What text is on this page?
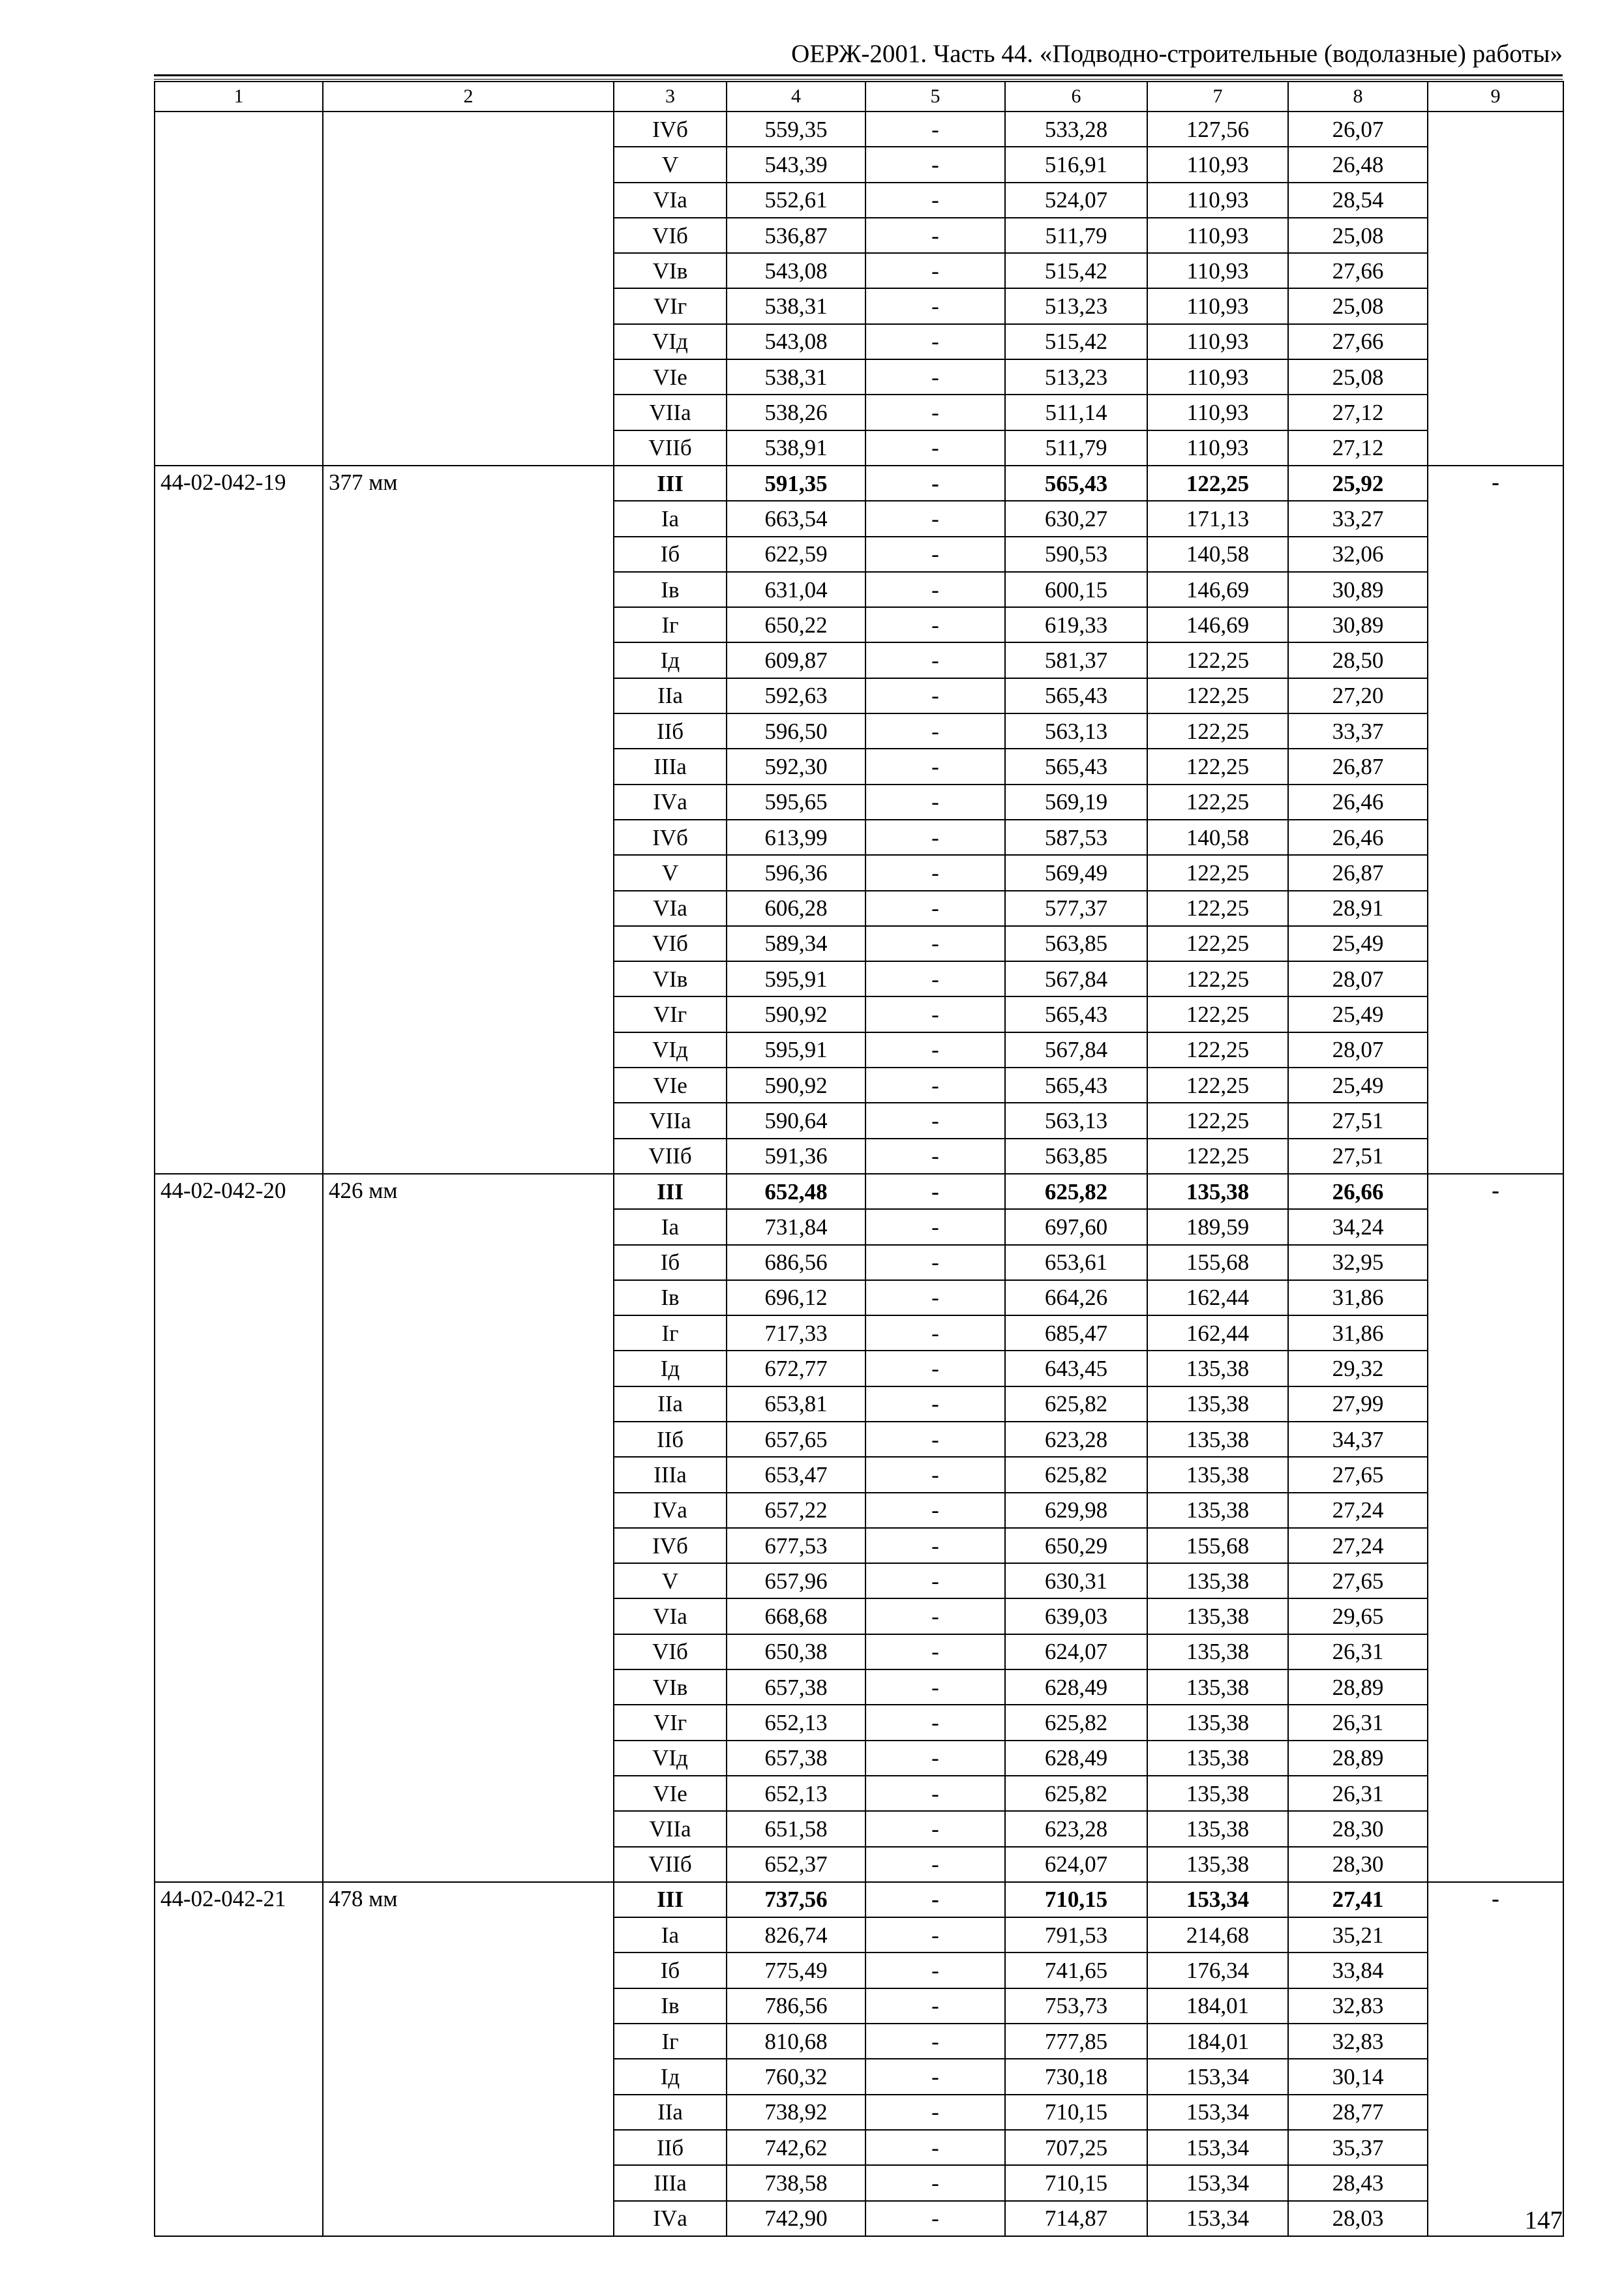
ОЕРЖ-2001. Часть 44. «Подводно-строительные (водолазные) работы»
1	2	3	4	5	6	7	8	9
		IVб	559,35	-	533,28	127,56	26,07	
		V	543,39	-	516,91	110,93	26,48	
		VIа	552,61	-	524,07	110,93	28,54	
		VIб	536,87	-	511,79	110,93	25,08	
		VIв	543,08	-	515,42	110,93	27,66	
		VIг	538,31	-	513,23	110,93	25,08	
		VIд	543,08	-	515,42	110,93	27,66	
		VIе	538,31	-	513,23	110,93	25,08	
		VIIа	538,26	-	511,14	110,93	27,12	
		VIIб	538,91	-	511,79	110,93	27,12	
44-02-042-19	377 мм	III	591,35	-	565,43	122,25	25,92	-
		Iа	663,54	-	630,27	171,13	33,27	
		Iб	622,59	-	590,53	140,58	32,06	
		Iв	631,04	-	600,15	146,69	30,89	
		Iг	650,22	-	619,33	146,69	30,89	
		Iд	609,87	-	581,37	122,25	28,50	
		IIа	592,63	-	565,43	122,25	27,20	
		IIб	596,50	-	563,13	122,25	33,37	
		IIIа	592,30	-	565,43	122,25	26,87	
		IVа	595,65	-	569,19	122,25	26,46	
		IVб	613,99	-	587,53	140,58	26,46	
		V	596,36	-	569,49	122,25	26,87	
		VIа	606,28	-	577,37	122,25	28,91	
		VIб	589,34	-	563,85	122,25	25,49	
		VIв	595,91	-	567,84	122,25	28,07	
		VIг	590,92	-	565,43	122,25	25,49	
		VIд	595,91	-	567,84	122,25	28,07	
		VIе	590,92	-	565,43	122,25	25,49	
		VIIа	590,64	-	563,13	122,25	27,51	
		VIIб	591,36	-	563,85	122,25	27,51	
44-02-042-20	426 мм	III	652,48	-	625,82	135,38	26,66	-
		Iа	731,84	-	697,60	189,59	34,24	
		Iб	686,56	-	653,61	155,68	32,95	
		Iв	696,12	-	664,26	162,44	31,86	
		Iг	717,33	-	685,47	162,44	31,86	
		Iд	672,77	-	643,45	135,38	29,32	
		IIа	653,81	-	625,82	135,38	27,99	
		IIб	657,65	-	623,28	135,38	34,37	
		IIIа	653,47	-	625,82	135,38	27,65	
		IVа	657,22	-	629,98	135,38	27,24	
		IVб	677,53	-	650,29	155,68	27,24	
		V	657,96	-	630,31	135,38	27,65	
		VIа	668,68	-	639,03	135,38	29,65	
		VIб	650,38	-	624,07	135,38	26,31	
		VIв	657,38	-	628,49	135,38	28,89	
		VIг	652,13	-	625,82	135,38	26,31	
		VIд	657,38	-	628,49	135,38	28,89	
		VIе	652,13	-	625,82	135,38	26,31	
		VIIа	651,58	-	623,28	135,38	28,30	
		VIIб	652,37	-	624,07	135,38	28,30	
44-02-042-21	478 мм	III	737,56	-	710,15	153,34	27,41	-
		Iа	826,74	-	791,53	214,68	35,21	
		Iб	775,49	-	741,65	176,34	33,84	
		Iв	786,56	-	753,73	184,01	32,83	
		Iг	810,68	-	777,85	184,01	32,83	
		Iд	760,32	-	730,18	153,34	30,14	
		IIа	738,92	-	710,15	153,34	28,77	
		IIб	742,62	-	707,25	153,34	35,37	
		IIIа	738,58	-	710,15	153,34	28,43	
		IVа	742,90	-	714,87	153,34	28,03		147
